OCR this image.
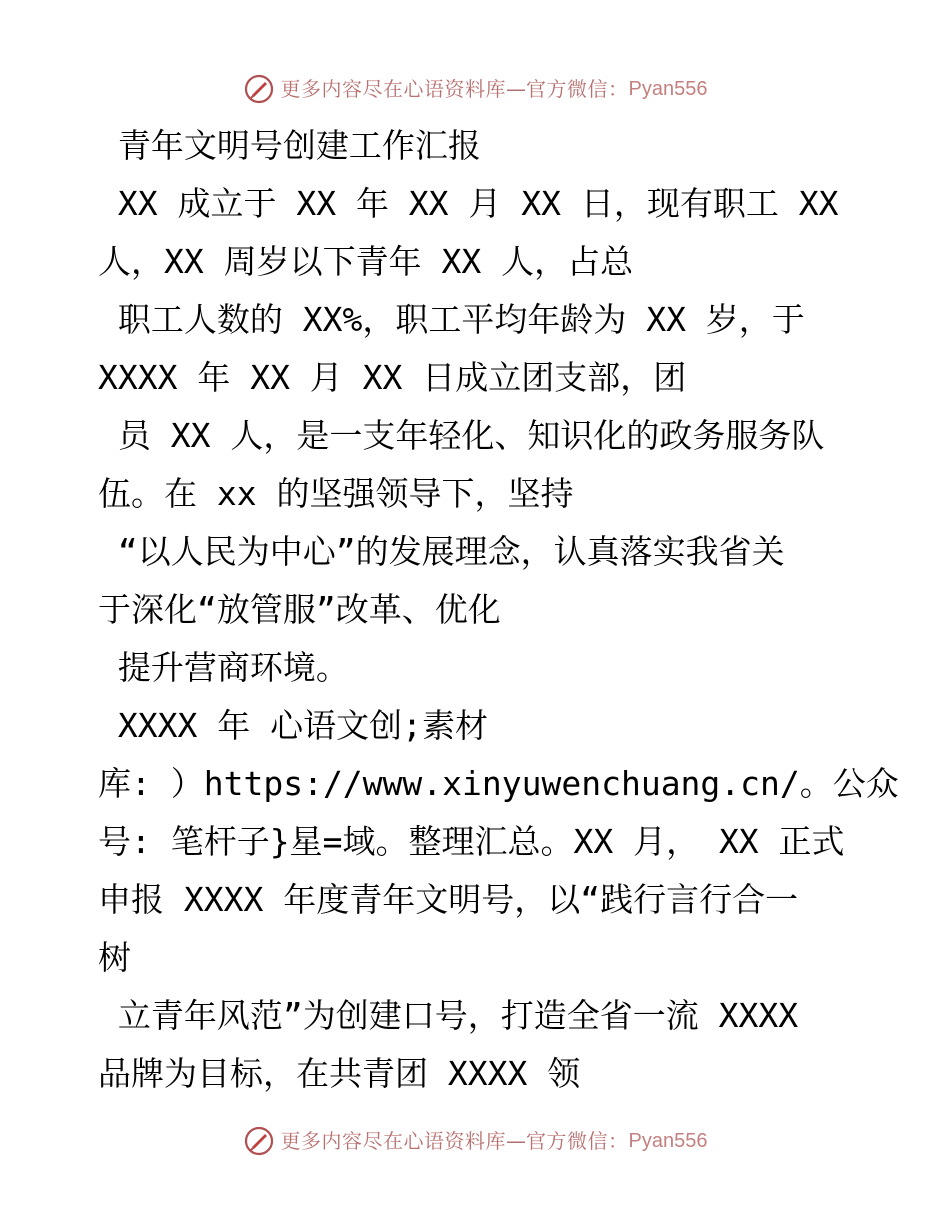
更多内容尽在心语资料库 — 官方微信： Pyan556
青年文明号创建工作汇报
XX 成立于 XX 年 XX 月 XX 日，现有职工 XX
人，XX 周岁以下青年 XX 人，占总
职工人数的 XX%，职工平均年龄为 XX 岁，于
XXXX 年 XX 月 XX 日成立团支部，团
员 XX 人，是一支年轻化、知识化的政务服务队
伍。在 xx 的坚强领导下，坚持
“以人民为中心”的发展理念，认真落实我省关
于深化“放管服”改革、优化
提升营商环境。
XXXX 年 心语文创;素材
库: ）https://www.xinyuwenchuang.cn/。公众
号: 笔杆子}星=域。整理汇总。XX 月， XX 正式
申报 XXXX 年度青年文明号，以“践行言行合一
树
立青年风范”为创建口号，打造全省一流 XXXX
品牌为目标，在共青团 XXXX 领
更多内容尽在心语资料库 — 官方微信： Pyan556
